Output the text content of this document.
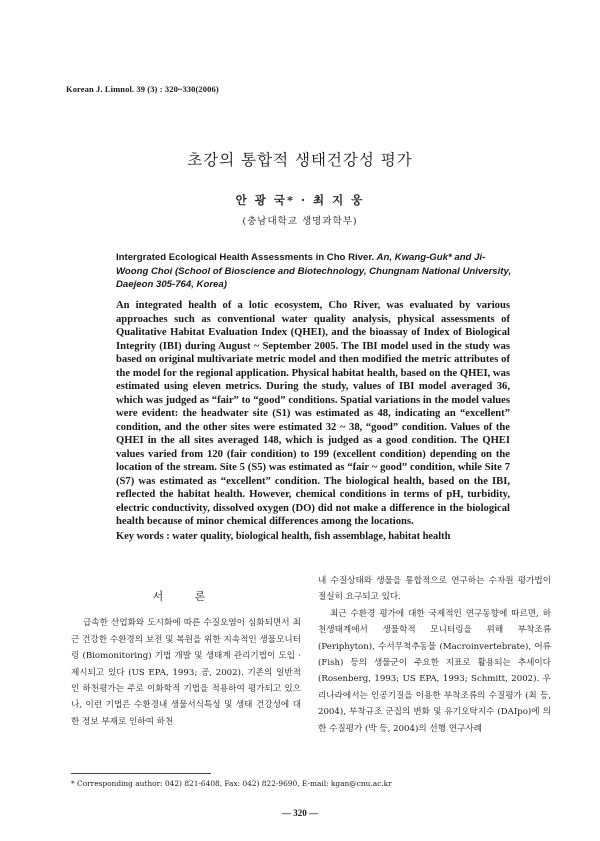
Korean J. Limnol. 39 (3) : 320~330(2006)
초강의 통합적 생태건강성 평가
안 광 국* · 최 지 웅
(충남대학교 생명과학부)
Intergrated Ecological Health Assessments in Cho River. An, Kwang-Guk* and Ji-Woong Choi (School of Bioscience and Biotechnology, Chungnam National University, Daejeon 305-764, Korea)
An integrated health of a lotic ecosystem, Cho River, was evaluated by various approaches such as conventional water quality analysis, physical assessments of Qualitative Habitat Evaluation Index (QHEI), and the bioassay of Index of Biological Integrity (IBI) during August ~ September 2005. The IBI model used in the study was based on original multivariate metric model and then modified the metric attributes of the model for the regional application. Physical habitat health, based on the QHEI, was estimated using eleven metrics. During the study, values of IBI model averaged 36, which was judged as “fair” to “good” conditions. Spatial variations in the model values were evident: the headwater site (S1) was estimated as 48, indicating an “excellent” condition, and the other sites were estimated 32 ~ 38, “good” condition. Values of the QHEI in the all sites averaged 148, which is judged as a good condition. The QHEI values varied from 120 (fair condition) to 199 (excellent condition) depending on the location of the stream. Site 5 (S5) was estimated as “fair ~ good” condition, while Site 7 (S7) was estimated as “excellent” condition. The biological health, based on the IBI, reflected the habitat health. However, chemical conditions in terms of pH, turbidity, electric conductivity, dissolved oxygen (DO) did not make a difference in the biological health because of minor chemical differences among the locations.
Key words : water quality, biological health, fish assemblage, habitat health
서 론

급속한 산업화와 도시화에 따른 수질오염이 심화되면서 최근 건강한 수환경의 보전 및 복원을 위한 지속적인 생물모니터링 (Biomonitoring) 기법 개발 및 생태계 관리기법이 도입 · 제시되고 있다 (US EPA, 1993; 공, 2002). 기존의 일반적인 하천평가는 주로 이화학적 기법을 적용하여 평가되고 있으나, 이런 기법은 수환경내 생물서식특성 및 생태 건강성에 대한 정보 부재로 인하여 하천

내 수질상태와 생물을 통합적으로 연구하는 수자원 평가법이 절실히 요구되고 있다.

최근 수환경 평가에 대한 국제적인 연구동향에 따르면, 하천생태계에서 생물학적 모니터링을 위해 부착조류 (Periphyton), 수서무척추동물 (Macroinvertebrate), 어류 (Fish) 등의 생물군이 주요한 지표로 활용되는 추세이다 (Rosenberg, 1993; US EPA, 1993; Schmitt, 2002). 우리나라에서는 인공기질을 이용한 부착조류의 수질평가 (최 등, 2004), 부착규조 군집의 변화 및 유기오탁지수 (DAIpo)에 의한 수질평가 (박 등, 2004)의 선행 연구사례

* Corresponding author: 042) 821-6408, Fax: 042) 822-9690, E-mail: kgan@cnu.ac.kr
— 320 —
